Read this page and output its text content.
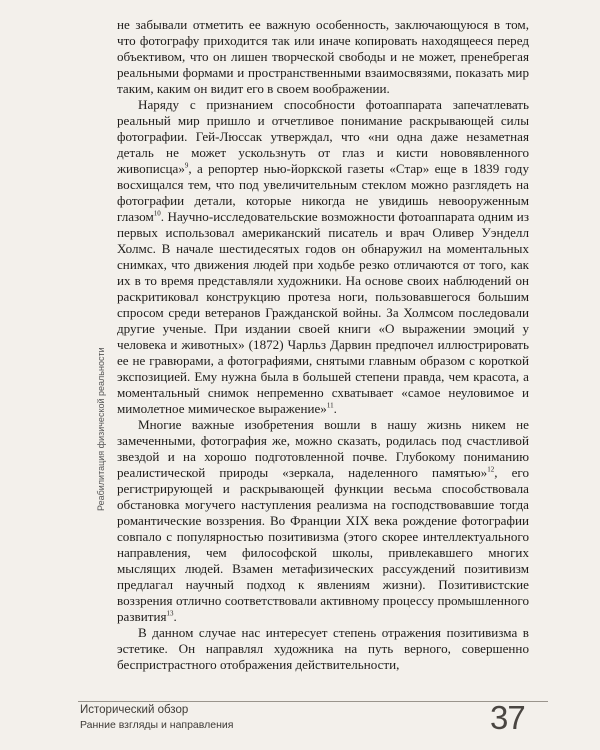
Реабилитация физической реальности

не забывали отметить ее важную особенность, заключающуюся в том, что фотографу приходится так или иначе копировать находящееся перед объективом, что он лишен творческой свободы и не может, пренебрегая реальными формами и пространственными взаимосвязями, показать мир таким, каким он видит его в своем воображении.

Наряду с признанием способности фотоаппарата запечатлевать реальный мир пришло и отчетливое понимание раскрывающей силы фотографии. Гей-Люссак утверждал, что «ни одна даже незаметная деталь не может ускользнуть от глаз и кисти нововявленного живописца»$^9$, а репортер нью-йоркской газеты «Стар» еще в 1839 году восхищался тем, что под увеличительным стеклом можно разглядеть на фотографии детали, которые никогда не увидишь невооруженным глазом$^{10}$. Научно-исследовательские возможности фотоаппарата одним из первых использовал американский писатель и врач Оливер Уэнделл Холмс. В начале шестидесятых годов он обнаружил на моментальных снимках, что движения людей при ходьбе резко отличаются от того, как их в то время представляли художники. На основе своих наблюдений он раскритиковал конструкцию протеза ноги, пользовавшегося большим спросом среди ветеранов Гражданской войны. За Холмсом последовали другие ученые. При издании своей книги «О выражении эмоций у человека и животных» (1872) Чарльз Дарвин предпочел иллюстрировать ее не гравюрами, а фотографиями, снятыми главным образом с короткой экспозицией. Ему нужна была в большей степени правда, чем красота, а моментальный снимок непременно схватывает «самое неуловимое и мимолетное мимическое выражение»$^{11}$.

Многие важные изобретения вошли в нашу жизнь никем не замеченными, фотография же, можно сказать, родилась под счастливой звездой и на хорошо подготовленной почве. Глубокому пониманию реалистической природы «зеркала, наделенного памятью»$^{12}$, его регистрирующей и раскрывающей функции весьма способствовала обстановка могучего наступления реализма на господствовавшие тогда романтические воззрения. Во Франции XIX века рождение фотографии совпало с популярностью позитивизма (этого скорее интеллектуального направления, чем философской школы, привлекавшего многих мыслящих людей. Взамен метафизических рассуждений позитивизм предлагал научный подход к явлениям жизни). Позитивистские воззрения отлично соответствовали активному процессу промышленного развития$^{13}$.

В данном случае нас интересует степень отражения позитивизма в эстетике. Он направлял художника на путь верного, совершенно беспристрастного отображения действительности,

Исторический обзор
Ранние взгляды и направления	37
